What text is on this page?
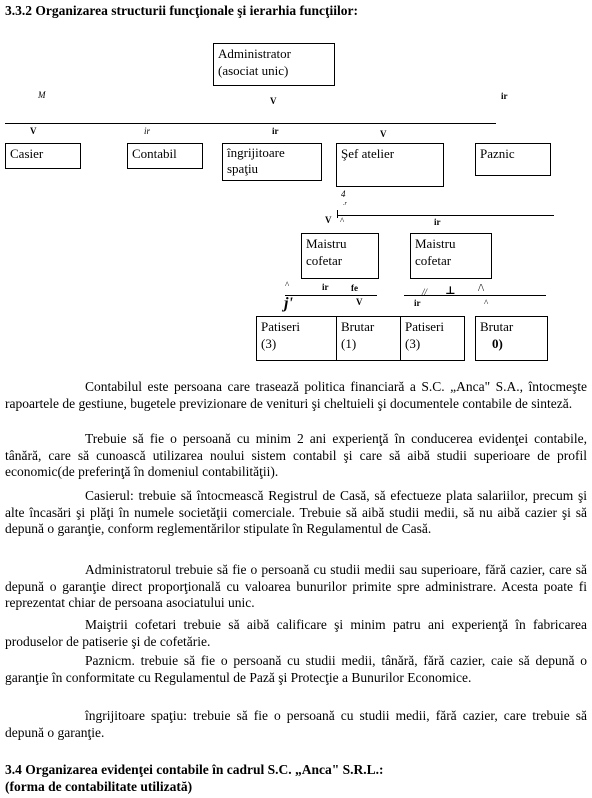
3.3.2 Organizarea structurii funcţionale şi ierarhia funcţiilor:
Administrator
(asociat unic)
M
V	ir
V	ir	ir	V
Casier	Contabil	îngrijitoare spaţiu
Şef atelier	Paznic
4
.r
V ^	ir
Maistru cofetar
Maistru cofetar
^	ir	fe
j'
// ⊥ /\
V	ir	^
Patiseri
(3)
Brutar
(1)
Patiseri
(3)
Brutar
0)

Contabilul este persoana care trasează politica financiară a S.C. „Anca" S.A., întocmeşte rapoartele de gestiune, bugetele previzionare de venituri şi cheltuieli şi documentele contabile de sinteză.

Trebuie să fie o persoană cu minim 2 ani experienţă în conducerea evidenţei contabile, tânără, care să cunoască utilizarea noului sistem contabil şi care să aibă studii superioare de profil economic(de preferinţă în domeniul contabilităţii).

Casierul: trebuie să întocmească Registrul de Casă, să efectueze plata salariilor, precum şi alte încasări şi plăţi în numele societăţii comerciale. Trebuie să aibă studii medii, să nu aibă cazier şi să depună o garanţie, conform reglementărilor stipulate în Regulamentul de Casă.

Administratorul trebuie să fie o persoană cu studii medii sau superioare, fără cazier, care să depună o garanţie direct proporţională cu valoarea bunurilor primite spre administrare. Acesta poate fi reprezentat chiar de persoana asociatului unic.

Maiştrii cofetari trebuie să aibă calificare şi minim patru ani experienţă în fabricarea produselor de patiserie şi de cofetărie.

Paznicm. trebuie să fie o persoană cu studii medii, tânără, fără cazier, caie să depună o garanţie în conformitate cu Regulamentul de Pază şi Protecţie a Bunurilor Economice.

îngrijitoare spaţiu: trebuie să fie o persoană cu studii medii, fără cazier, care trebuie să depună o garanţie.

3.4 Organizarea evidenţei contabile în cadrul S.C. „Anca" S.R.L.:
(forma de contabilitate utilizată)
